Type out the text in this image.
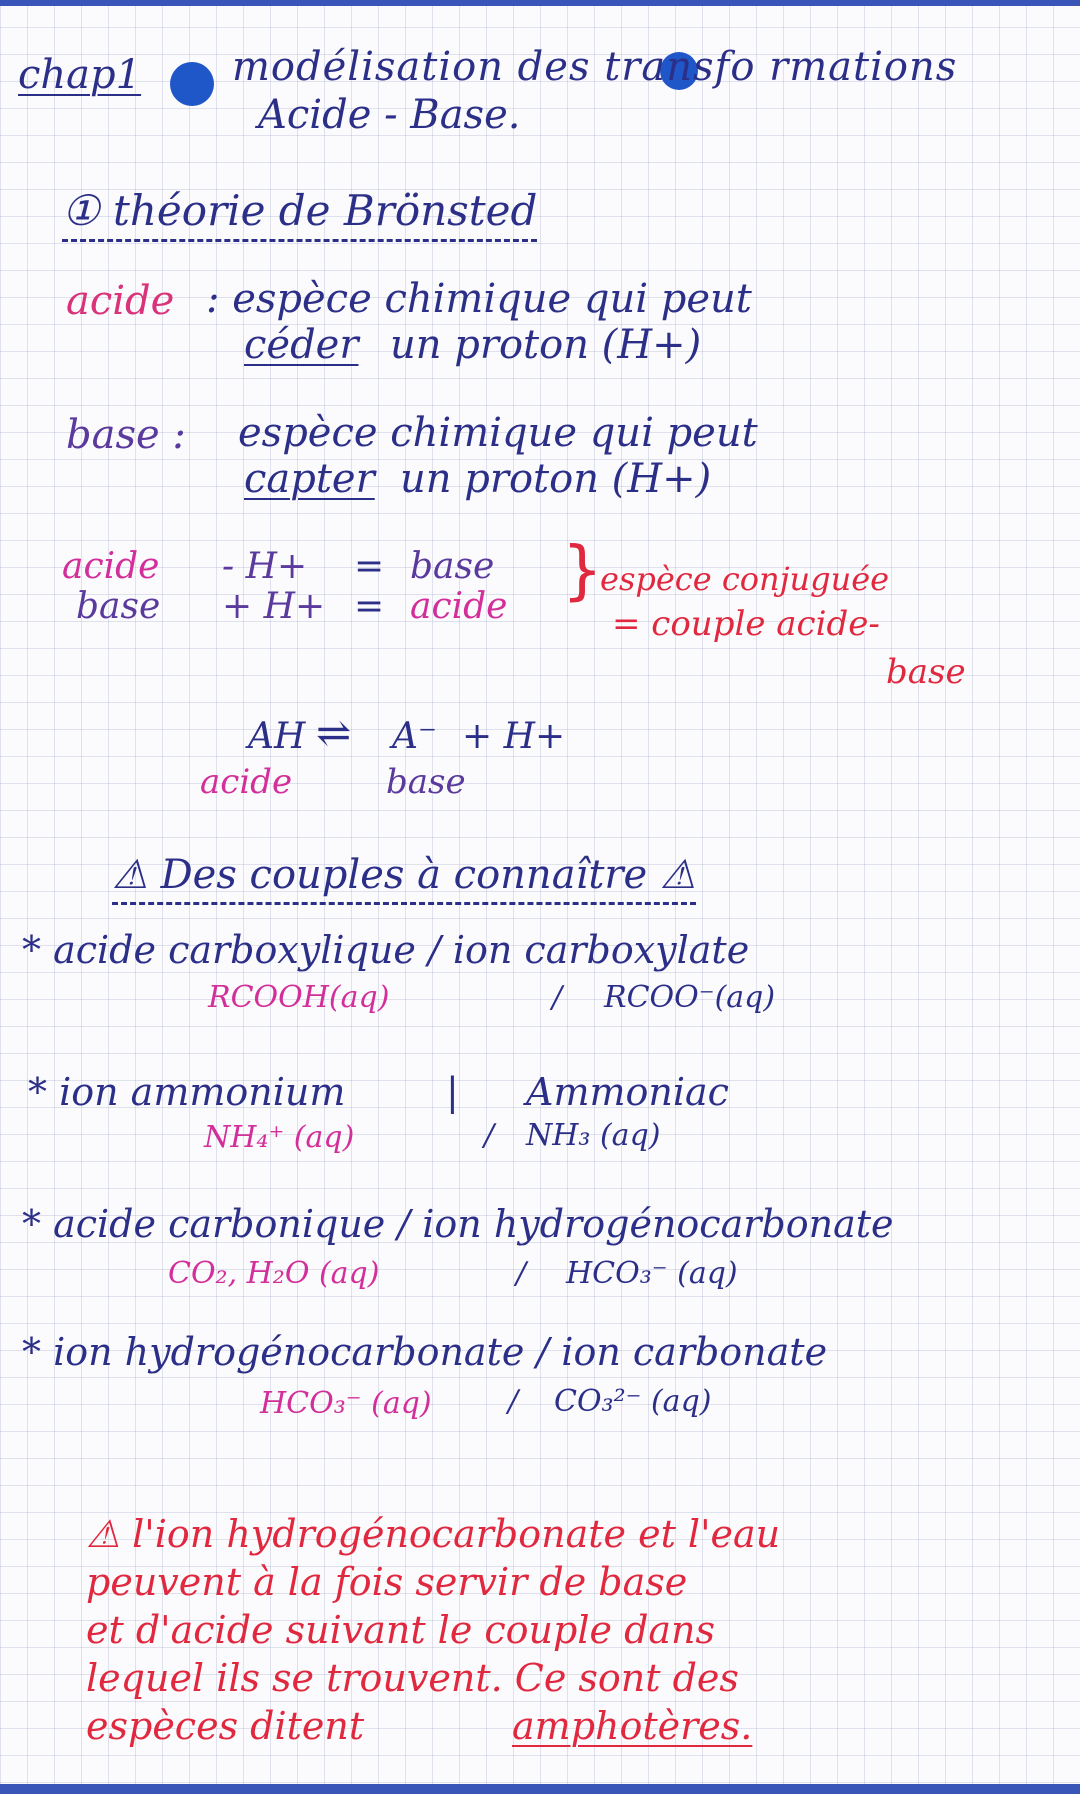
chap1 modélisation des transfo rmations
Acide - Base.
① théorie de Brönsted
acide : espèce chimique qui peut
céder un proton (H+)
base : espèce chimique qui peut
capter un proton (H+)
acide - H+ = base
base + H+ = acide }
espèce conjuguée
= couple acide-
base
AH ⇌ A⁻ + H+
acide	base
⚠ Des couples à connaître ⚠
* acide carboxylique / ion carboxylate
RCOOH(aq)	/ RCOO⁻(aq)
* ion ammonium	| Ammoniac
NH₄⁺ (aq)	/ NH₃ (aq)
* acide carbonique / ion hydrogénocarbonate
CO₂, H₂O (aq)	/ HCO₃⁻ (aq)
* ion hydrogénocarbonate / ion carbonate
HCO₃⁻ (aq)	/ CO₃²⁻ (aq)
⚠ l'ion hydrogénocarbonate et l'eau
peuvent à la fois servir de base
et d'acide suivant le couple dans
lequel ils se trouvent. Ce sont des
espèces ditent	amphotères.
